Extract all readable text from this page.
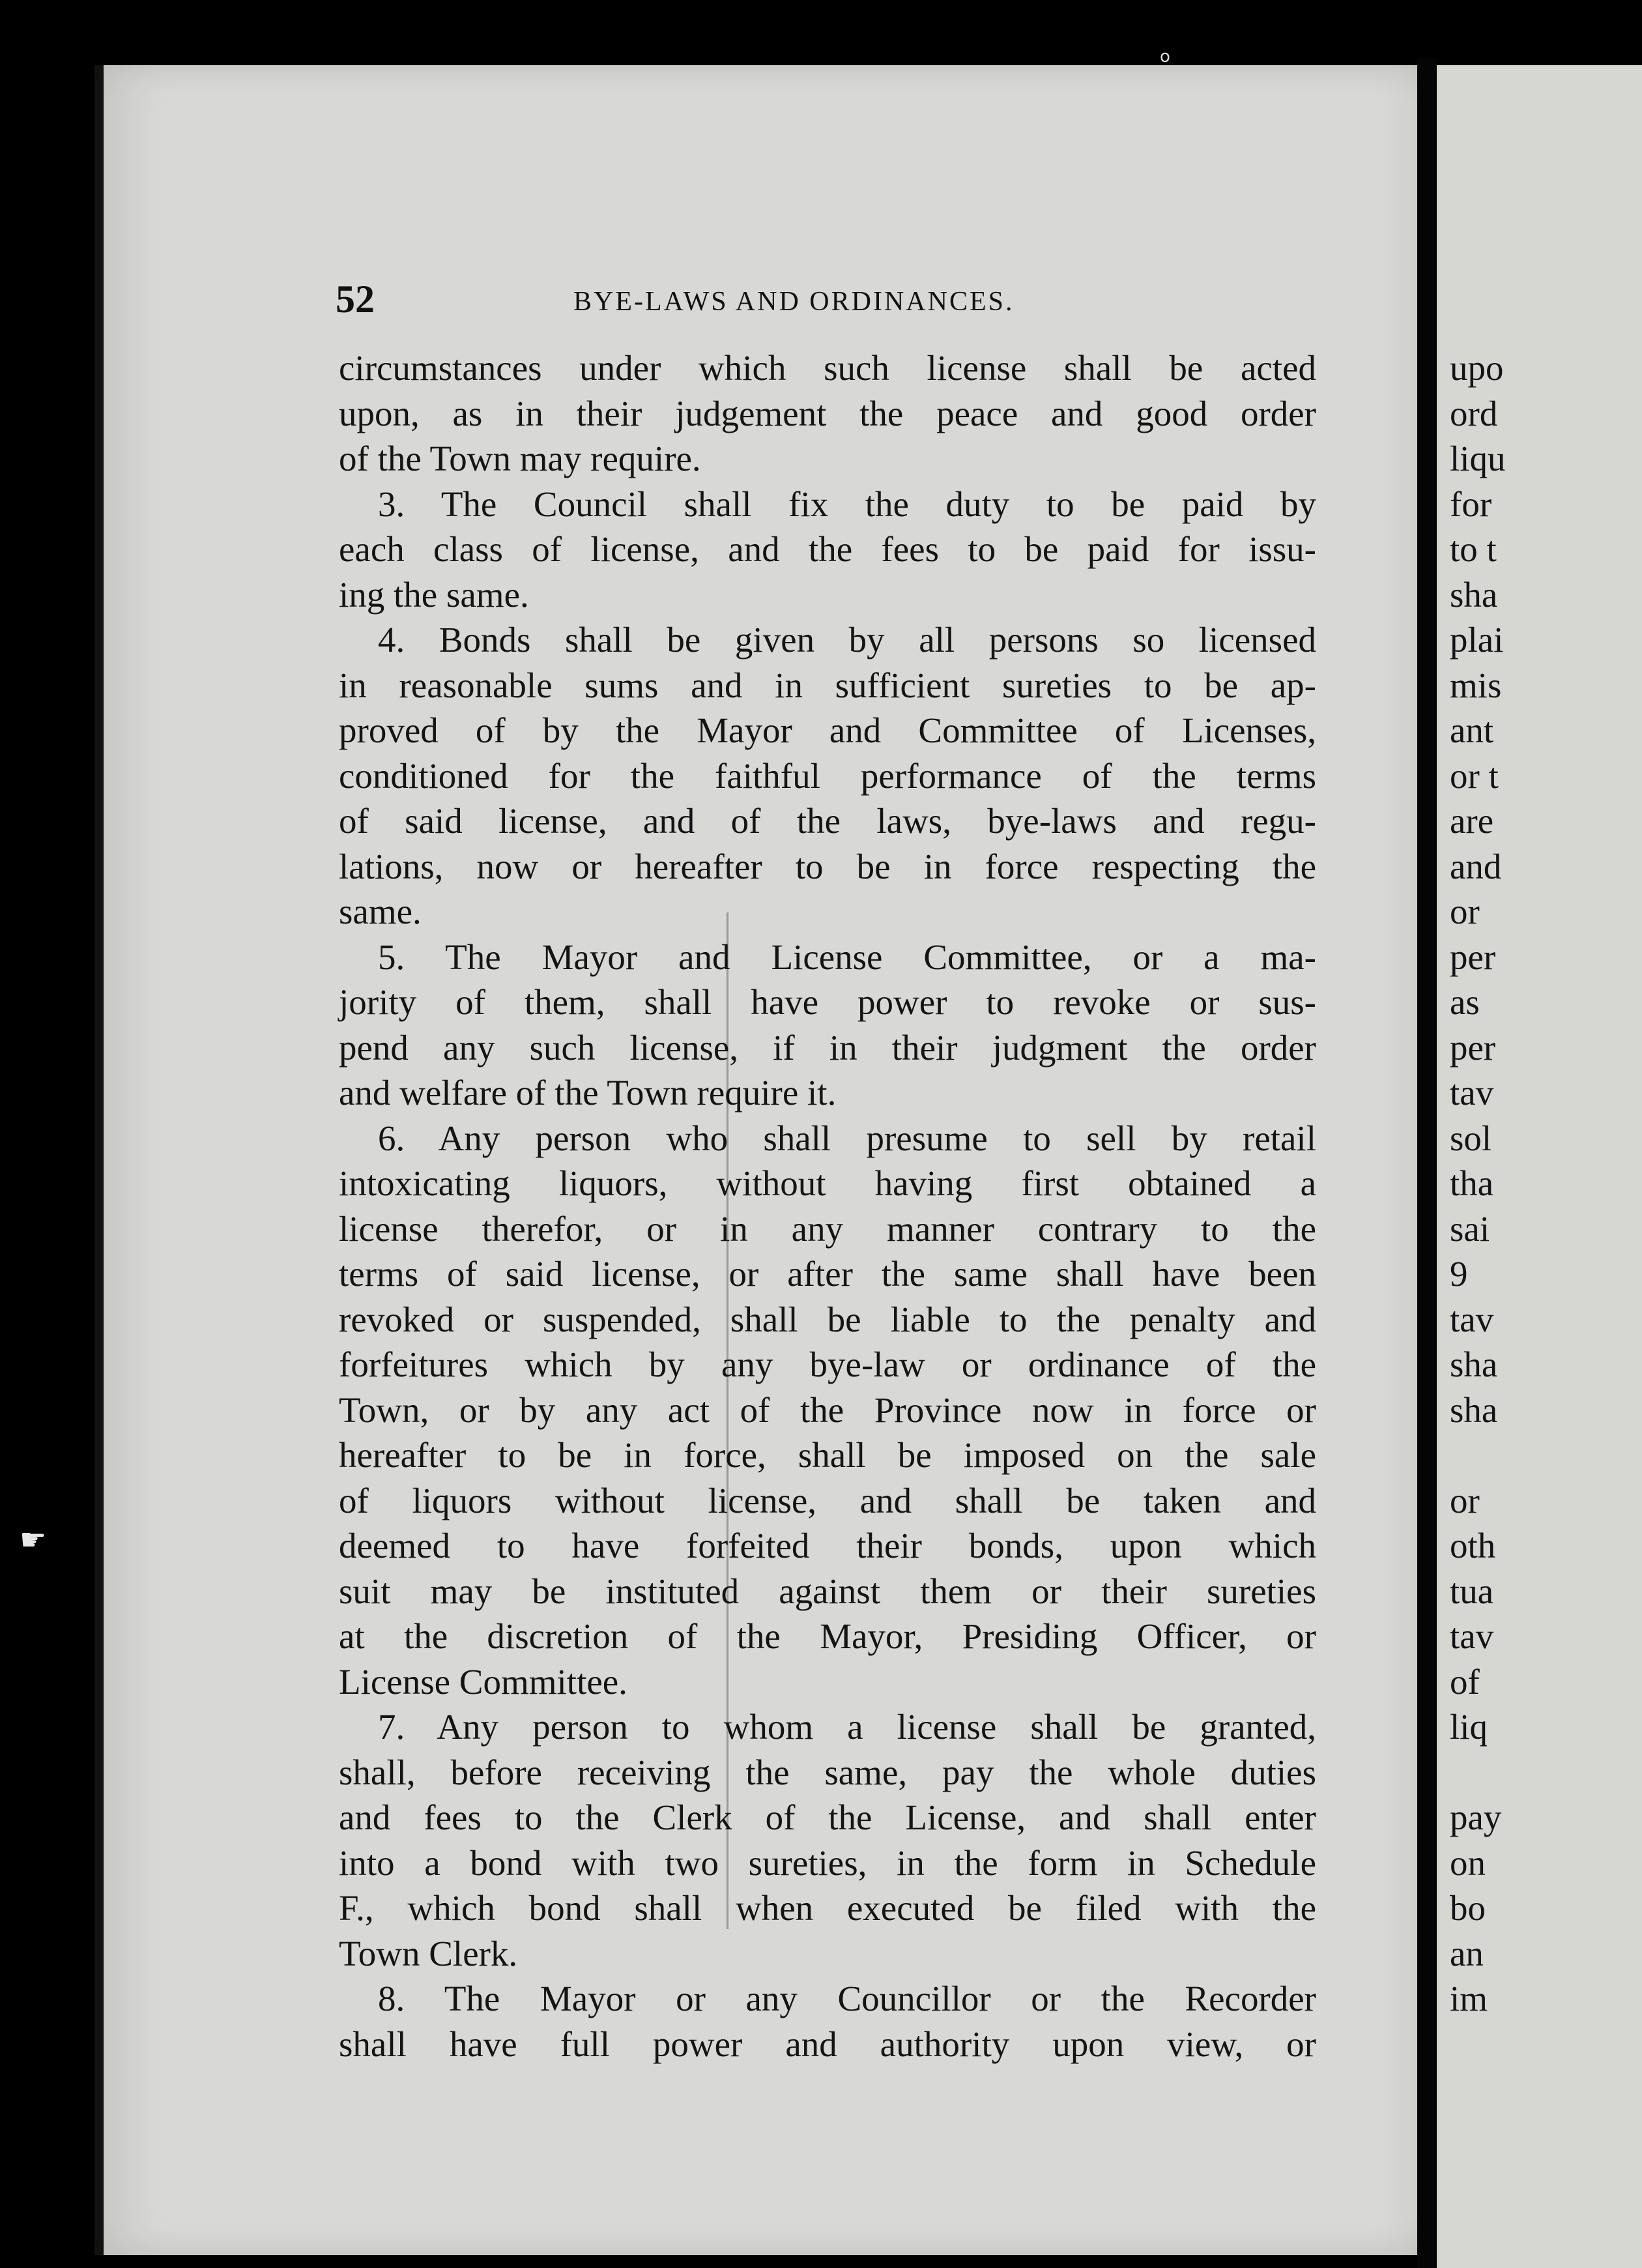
o
☛
52	BYE-LAWS AND ORDINANCES.
circumstances under which such license shall be acted
upon, as in their judgement the peace and good order
of the Town may require.
3. The Council shall fix the duty to be paid by
each class of license, and the fees to be paid for issu-
ing the same.
4. Bonds shall be given by all persons so licensed
in reasonable sums and in sufficient sureties to be ap-
proved of by the Mayor and Committee of Licenses,
conditioned for the faithful performance of the terms
of said license, and of the laws, bye-laws and regu-
lations, now or hereafter to be in force respecting the
same.
5. The Mayor and License Committee, or a ma-
jority of them, shall have power to revoke or sus-
pend any such license, if in their judgment the order
and welfare of the Town require it.
6. Any person who shall presume to sell by retail
intoxicating liquors, without having first obtained a
license therefor, or in any manner contrary to the
terms of said license, or after the same shall have been
revoked or suspended, shall be liable to the penalty and
forfeitures which by any bye-law or ordinance of the
Town, or by any act of the Province now in force or
hereafter to be in force, shall be imposed on the sale
of liquors without license, and shall be taken and
deemed to have forfeited their bonds, upon which
suit may be instituted against them or their sureties
at the discretion of the Mayor, Presiding Officer, or
License Committee.
7. Any person to whom a license shall be granted,
shall, before receiving the same, pay the whole duties
and fees to the Clerk of the License, and shall enter
into a bond with two sureties, in the form in Schedule
F., which bond shall when executed be filed with the
Town Clerk.
8. The Mayor or any Councillor or the Recorder
shall have full power and authority upon view, or
upo
ord
liqu
for
to t
sha
plai
mis
ant
or t
are
and
or
per
as
per
tav
sol
tha
sai
9
tav
sha
sha
or
oth
tua
tav
of
liq
pay
on
bo
an
im
